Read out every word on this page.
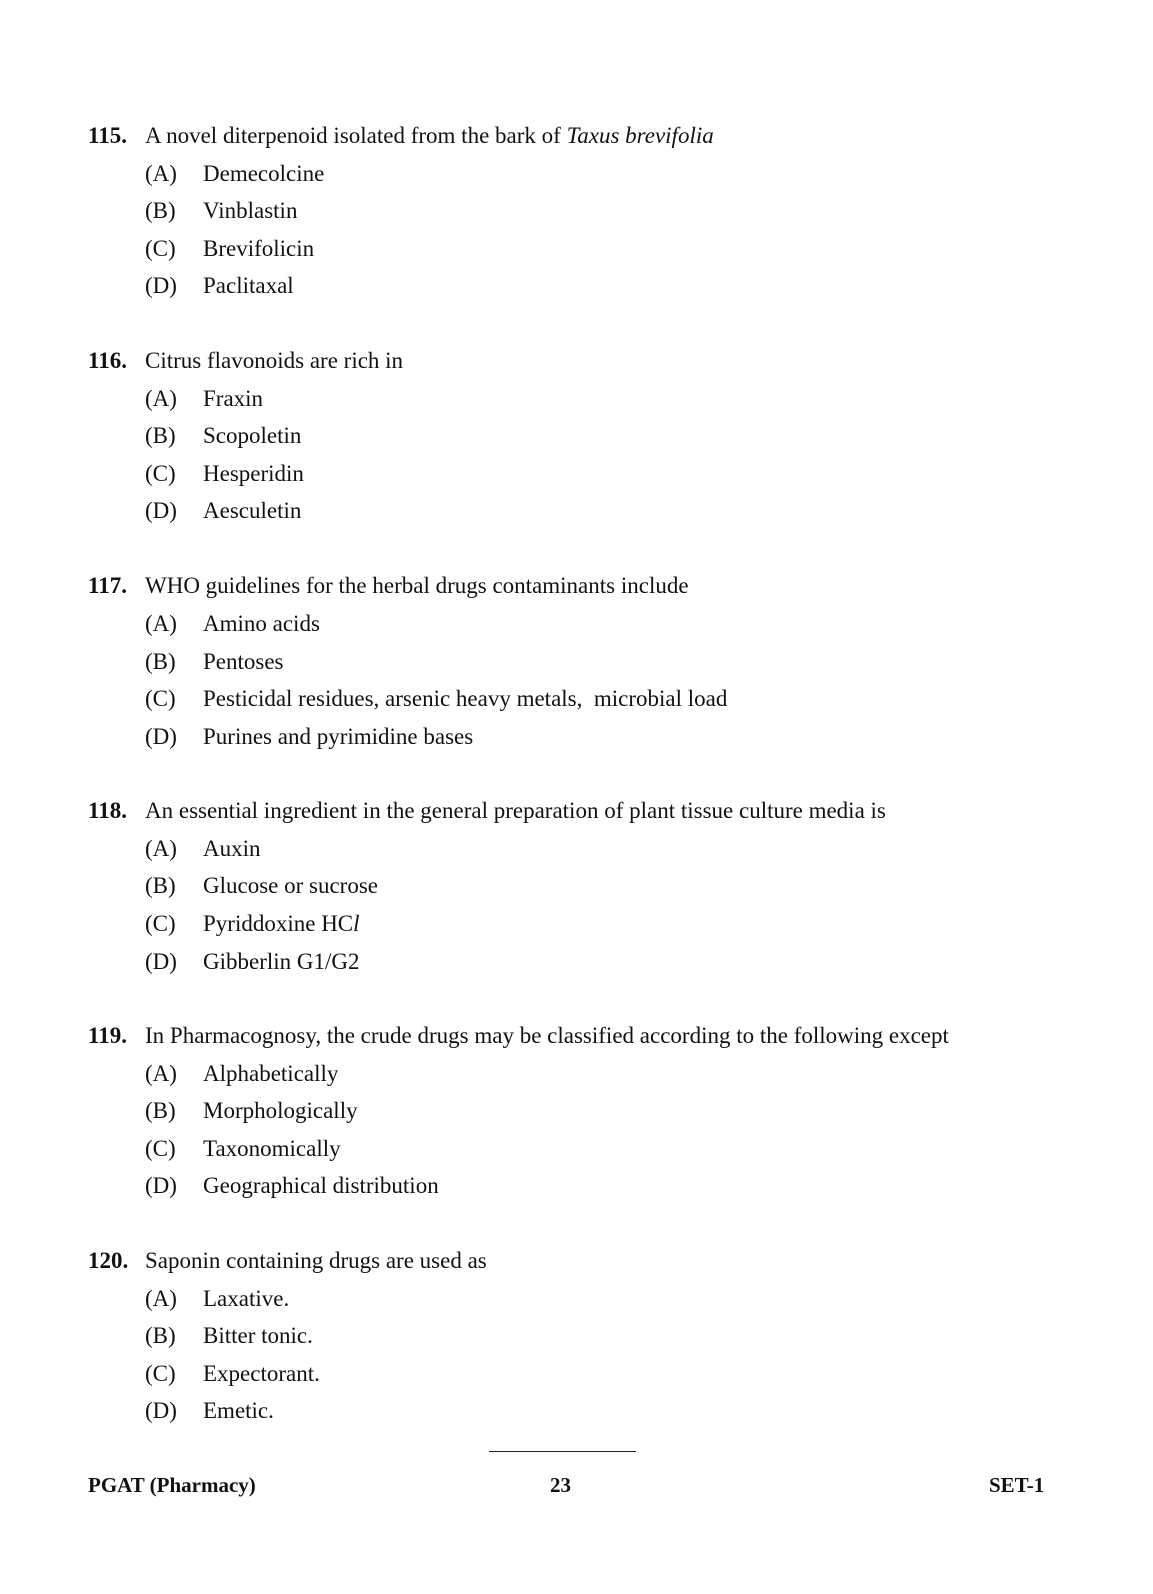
115. A novel diterpenoid isolated from the bark of Taxus brevifolia
(A) Demecolcine
(B) Vinblastin
(C) Brevifolicin
(D) Paclitaxal
116. Citrus flavonoids are rich in
(A) Fraxin
(B) Scopoletin
(C) Hesperidin
(D) Aesculetin
117. WHO guidelines for the herbal drugs contaminants include
(A) Amino acids
(B) Pentoses
(C) Pesticidal residues, arsenic heavy metals,  microbial load
(D) Purines and pyrimidine bases
118. An essential ingredient in the general preparation of plant tissue culture media is
(A) Auxin
(B) Glucose or sucrose
(C) Pyriddoxine HCl
(D) Gibberlin G1/G2
119. In Pharmacognosy, the crude drugs may be classified according to the following except
(A) Alphabetically
(B) Morphologically
(C) Taxonomically
(D) Geographical distribution
120. Saponin containing drugs are used as
(A) Laxative.
(B) Bitter tonic.
(C) Expectorant.
(D) Emetic.
PGAT (Pharmacy)	23	SET-1
